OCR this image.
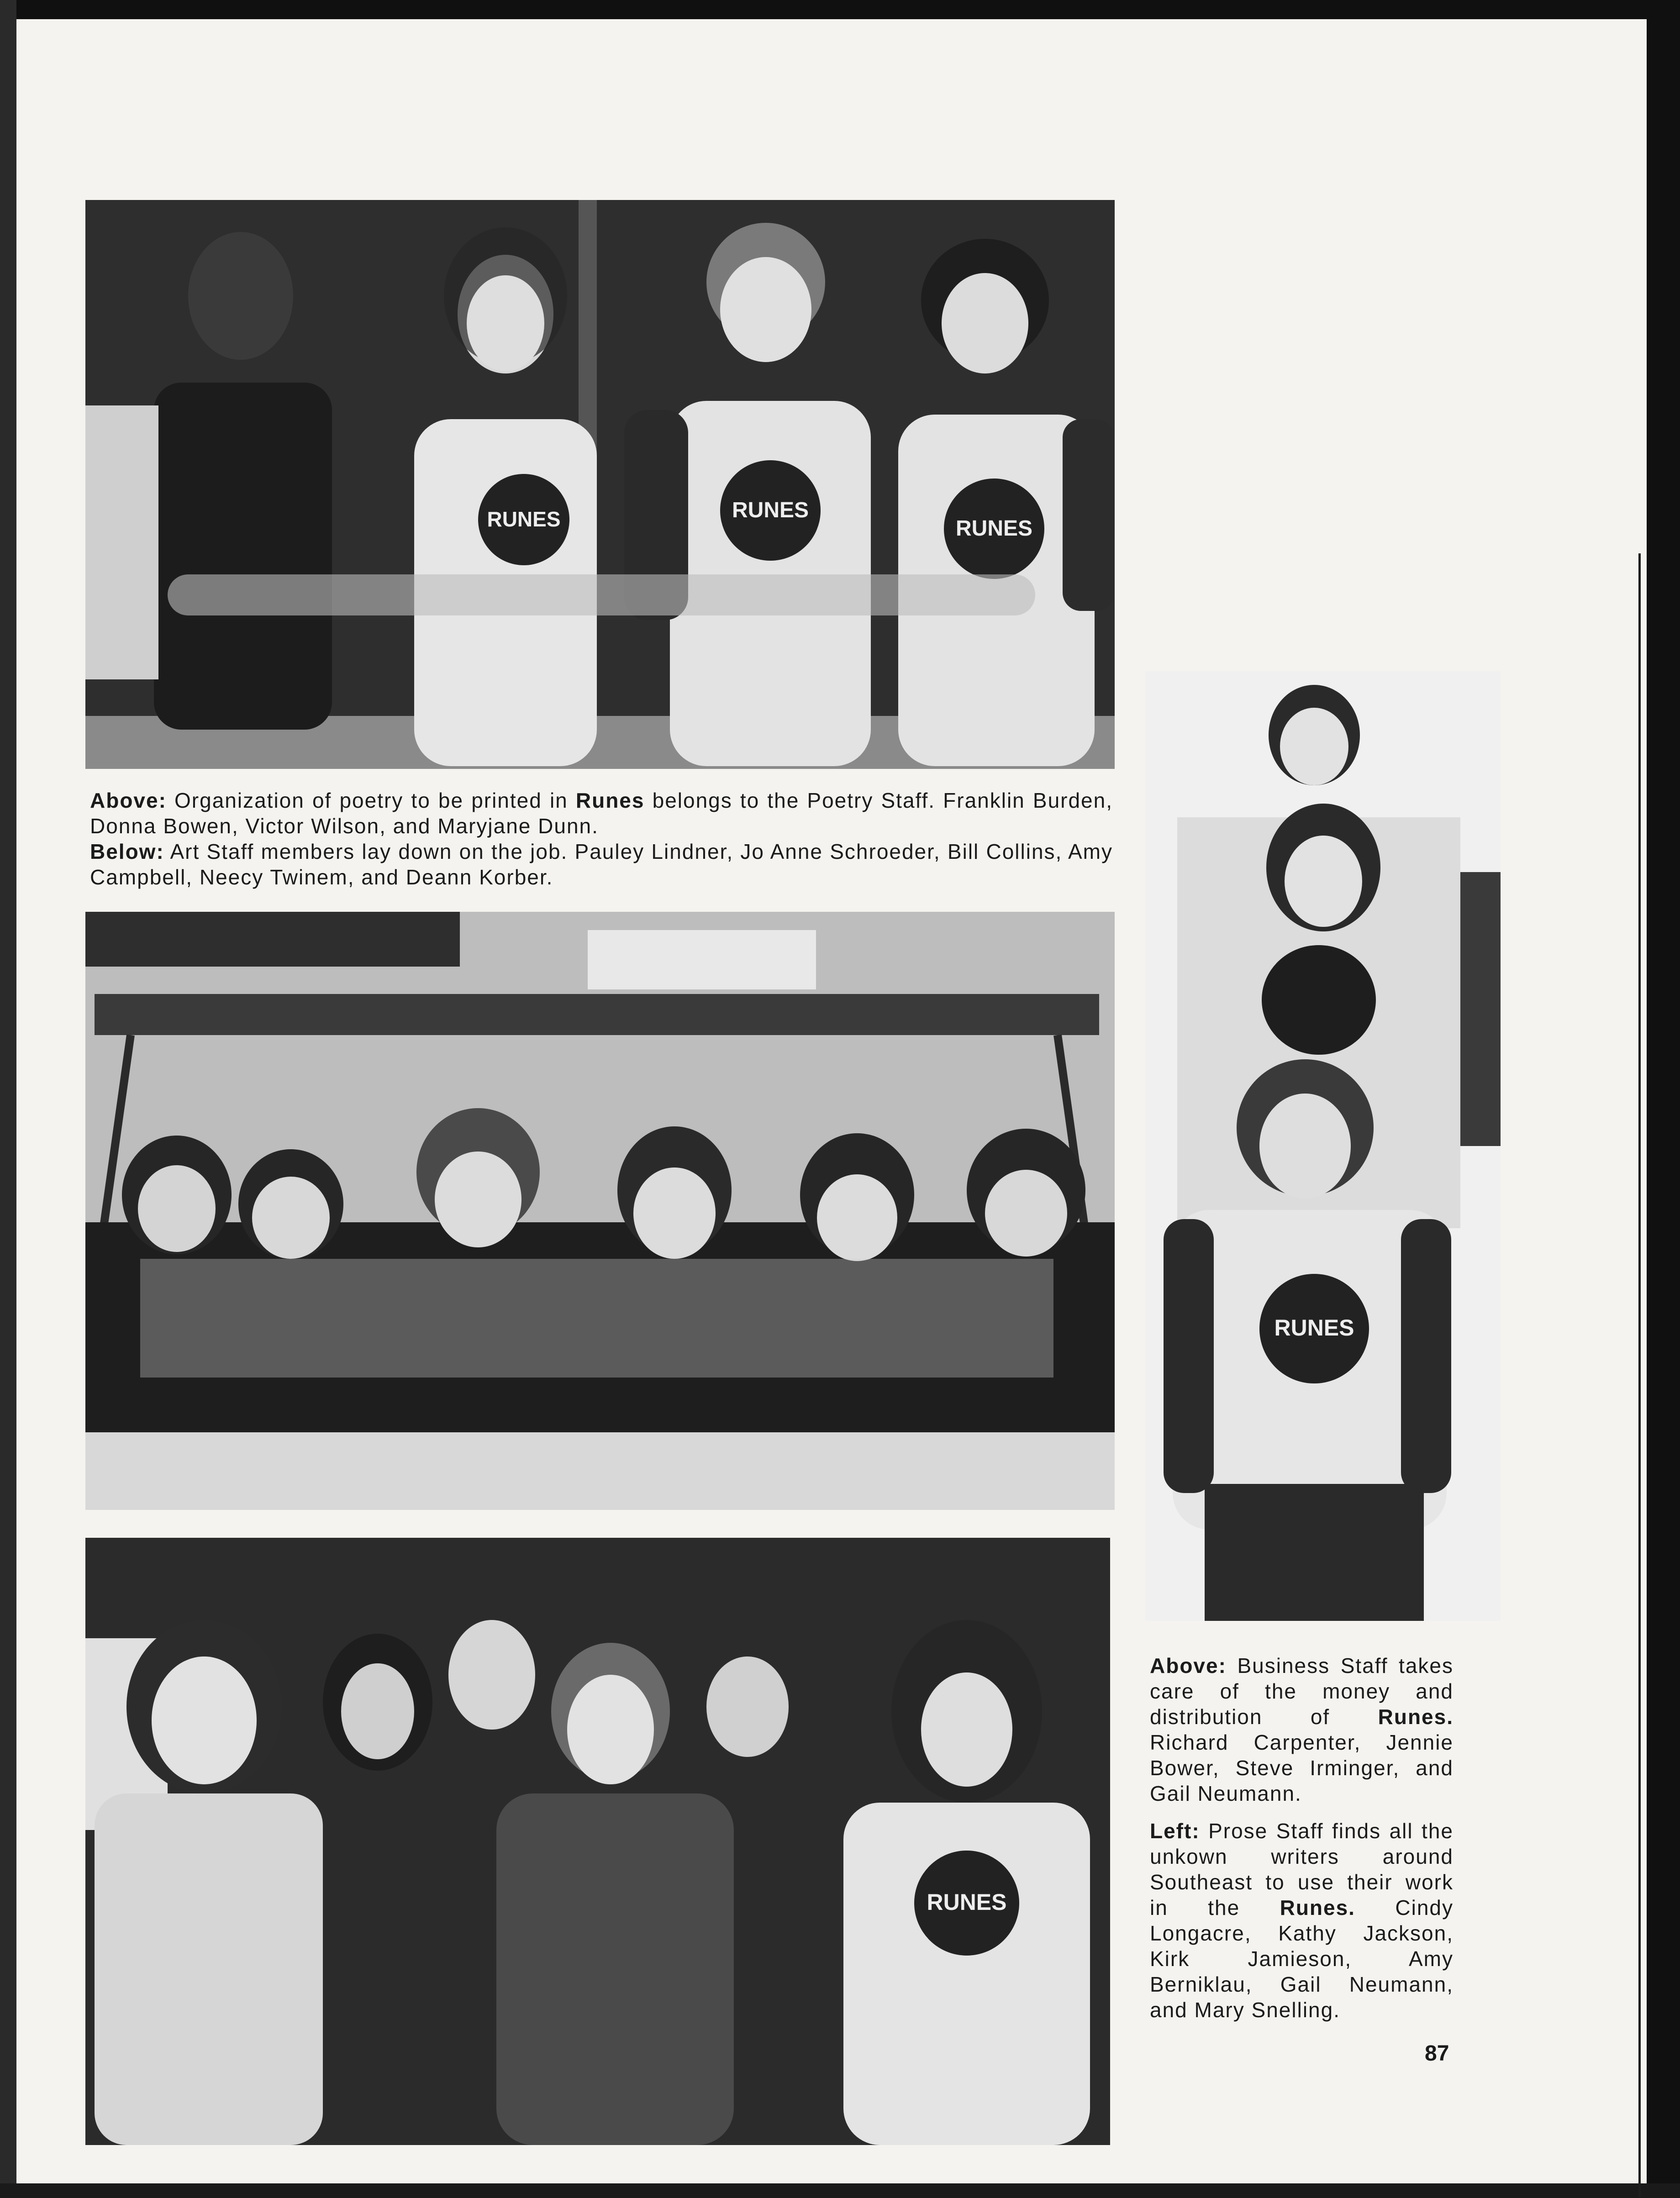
RUNES	RUNES
RUNES

Above: Organization of poetry to be printed in Runes belongs to the Poetry Staff. Franklin Burden, Donna Bowen, Victor Wilson, and Maryjane Dunn.

Below: Art Staff members lay down on the job. Pauley Lindner, Jo Anne Schroeder, Bill Collins, Amy Campbell, Neecy Twinem, and Deann Korber.

RUNES
RUNES

Above: Business Staff takes care of the money and distribution of Runes. Richard Carpenter, Jennie Bower, Steve Irminger, and Gail Neumann.

Left: Prose Staff finds all the unkown writers around Southeast to use their work in the Runes. Cindy Longacre, Kathy Jackson, Kirk Jamieson, Amy Berniklau, Gail Neumann, and Mary Snelling.

87
